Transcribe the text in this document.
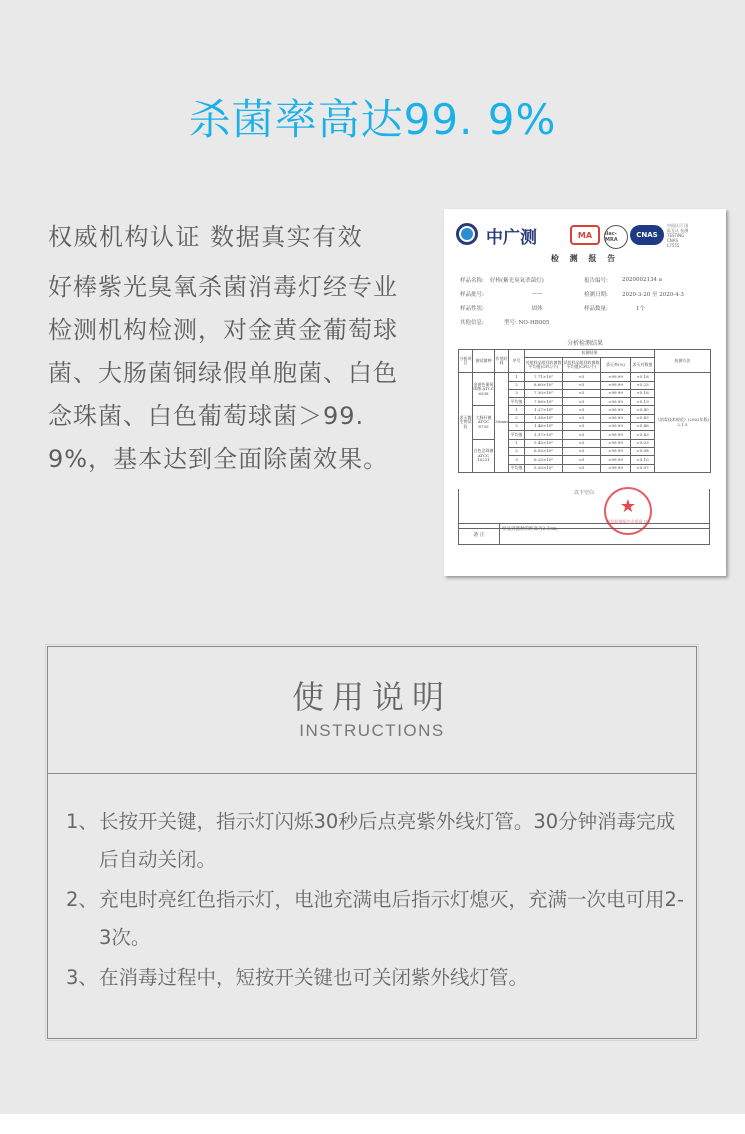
杀菌率高达99. 9%
权威机构认证 数据真实有效
好棒紫光臭氧杀菌消毒灯经专业检测机构检测，对金黄金葡萄球菌、大肠菌铜绿假单胞菌、白色念珠菌、白色葡萄球菌＞99. 9%，基本达到全面除菌效果。
中广测	MA	ilac-MRA
CNAS
中国认可 国际互认 检测 TESTING CNAS L7555
检 测 报 告
样品名称:	好棒(紫光臭氧杀菌灯)	报告编号:	2020002134 a
样品批号:	——	检测日期:	2020-3-20 至 2020-4-3
样品性状:	固体	样品数量:	1个
其他信息:	型号: NO-HB005
分析检测结果
分析项目	测试菌种	作用时间	序号	检测结果				检测方法
				对照样品组回收菌数平均值(CFU/个)	试验样品组回收菌数平均值(CFU/个)	杀灭率(%)	杀灭对数值	
杀灭微生物试验	金黄色葡萄球菌 ATCC 6538	30min	1	7.71×10⁵	<5	>99.99	>5.18	《消毒技术规范》(2002年版) 2.1.5
			2	8.60×10⁵	<5	>99.99	>5.23	
			3	7.30×10⁵	<5	>99.99	>5.16	
			平均值	7.88×10⁵	<5	>99.99	>5.19	
	大肠杆菌 ATCC 8739		1	1.27×10⁶	<5	>99.99	>5.40	
			2	1.38×10⁶	<5	>99.99	>5.43	
			3	1.46×10⁶	<5	>99.99	>5.46	
			平均值	1.37×10⁶	<5	>99.99	>5.43	
	白色念珠菌 ATCC 10231		1	5.45×10⁵	<5	>99.99	>5.03	
			2	6.05×10⁵	<5	>99.99	>5.08	
			3	6.25×10⁵	<5	>99.99	>5.10	
			平均值	5.93×10⁵	<5	>99.99	>5.07	
以下空白
备 注
样品到菌种的距离为2.3cm。
★
检验检测报告专用章 (1)
使用说明
INSTRUCTIONS
1、 长按开关键，指示灯闪烁30秒后点亮紫外线灯管。30分钟消毒完成后自动关闭。
2、 充电时亮红色指示灯，电池充满电后指示灯熄灭，充满一次电可用2-3次。
3、 在消毒过程中，短按开关键也可关闭紫外线灯管。
